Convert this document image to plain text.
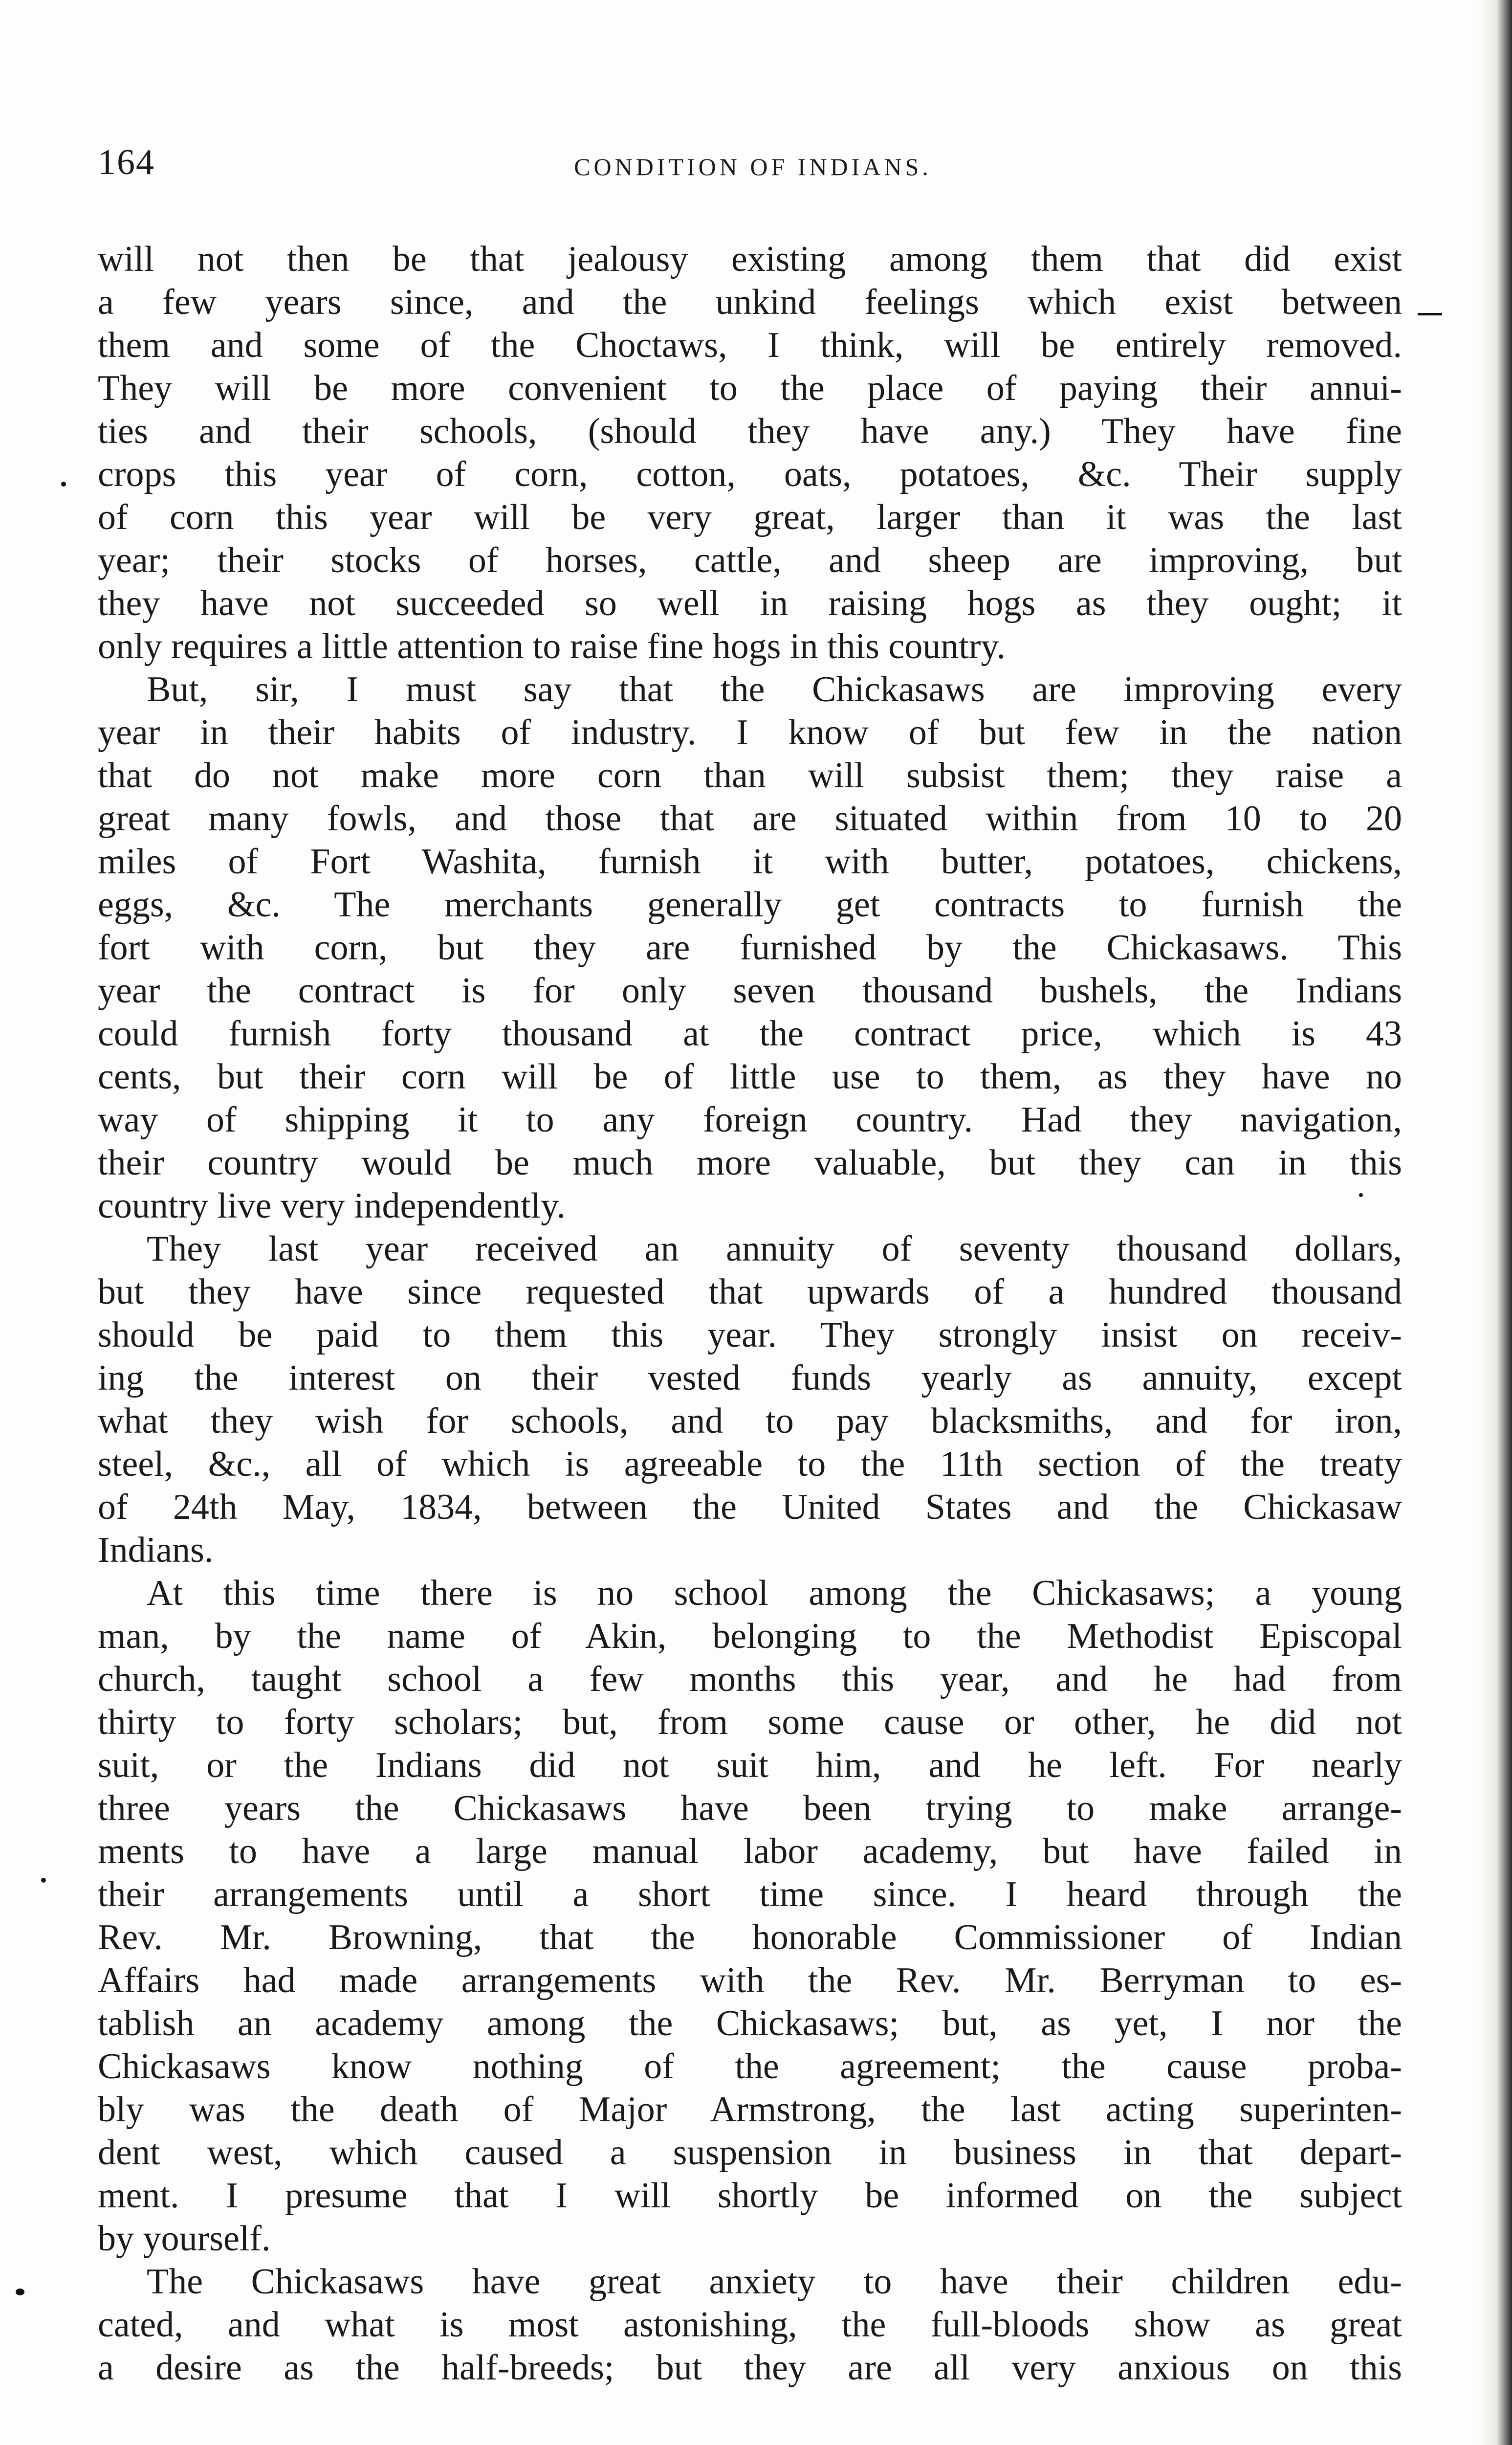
164	CONDITION OF INDIANS.
will not then be that jealousy existing among them that did exist
a few years since, and the unkind feelings which exist between
them and some of the Choctaws, I think, will be entirely removed.
They will be more convenient to the place of paying their annui-
ties and their schools, (should they have any.) They have fine
crops this year of corn, cotton, oats, potatoes, &c. Their supply
of corn this year will be very great, larger than it was the last
year; their stocks of horses, cattle, and sheep are improving, but
they have not succeeded so well in raising hogs as they ought; it
only requires a little attention to raise fine hogs in this country.
But, sir, I must say that the Chickasaws are improving every
year in their habits of industry. I know of but few in the nation
that do not make more corn than will subsist them; they raise a
great many fowls, and those that are situated within from 10 to 20
miles of Fort Washita, furnish it with butter, potatoes, chickens,
eggs, &c. The merchants generally get contracts to furnish the
fort with corn, but they are furnished by the Chickasaws. This
year the contract is for only seven thousand bushels, the Indians
could furnish forty thousand at the contract price, which is 43
cents, but their corn will be of little use to them, as they have no
way of shipping it to any foreign country. Had they navigation,
their country would be much more valuable, but they can in this
country live very independently.
They last year received an annuity of seventy thousand dollars,
but they have since requested that upwards of a hundred thousand
should be paid to them this year. They strongly insist on receiv-
ing the interest on their vested funds yearly as annuity, except
what they wish for schools, and to pay blacksmiths, and for iron,
steel, &c., all of which is agreeable to the 11th section of the treaty
of 24th May, 1834, between the United States and the Chickasaw
Indians.
At this time there is no school among the Chickasaws; a young
man, by the name of Akin, belonging to the Methodist Episcopal
church, taught school a few months this year, and he had from
thirty to forty scholars; but, from some cause or other, he did not
suit, or the Indians did not suit him, and he left. For nearly
three years the Chickasaws have been trying to make arrange-
ments to have a large manual labor academy, but have failed in
their arrangements until a short time since. I heard through the
Rev. Mr. Browning, that the honorable Commissioner of Indian
Affairs had made arrangements with the Rev. Mr. Berryman to es-
tablish an academy among the Chickasaws; but, as yet, I nor the
Chickasaws know nothing of the agreement; the cause proba-
bly was the death of Major Armstrong, the last acting superinten-
dent west, which caused a suspension in business in that depart-
ment. I presume that I will shortly be informed on the subject
by yourself.
The Chickasaws have great anxiety to have their children edu-
cated, and what is most astonishing, the full-bloods show as great
a desire as the half-breeds; but they are all very anxious on this
